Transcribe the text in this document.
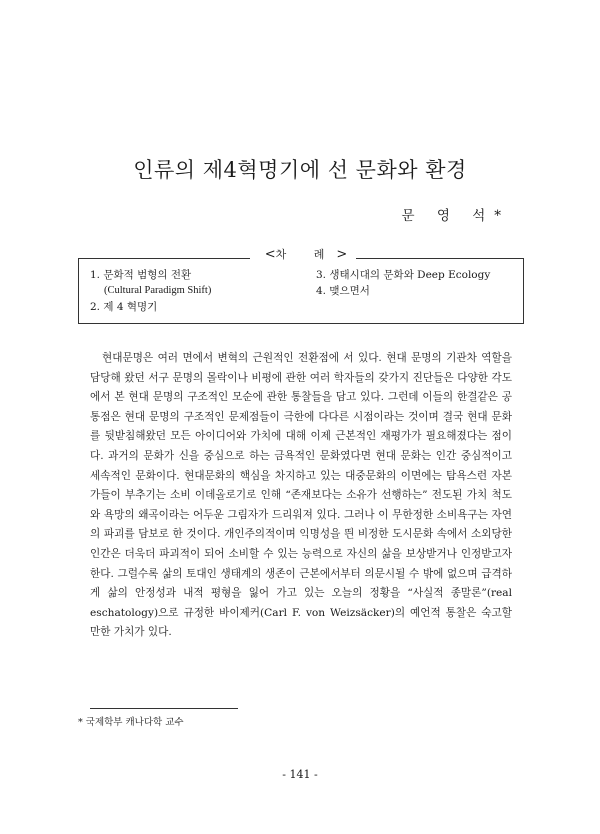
인류의 제4혁명기에 선 문화와 환경
문 영 석*
<차 례>
1. 문화적 범형의 전환
(Cultural Paradigm Shift)
2. 제 4 혁명기
3. 생태시대의 문화와 Deep Ecology
4. 맺으면서

현대문명은 여러 면에서 변혁의 근원적인 전환점에 서 있다. 현대 문명의 기관차 역할을 담당해 왔던 서구 문명의 몰락이나 비평에 관한 여러 학자들의 갖가지 진단들은 다양한 각도에서 본 현대 문명의 구조적인 모순에 관한 통찰들을 담고 있다. 그런데 이들의 한결같은 공통점은 현대 문명의 구조적인 문제점들이 극한에 다다른 시점이라는 것이며 결국 현대 문화를 뒷받침해왔던 모든 아이디어와 가치에 대해 이제 근본적인 재평가가 필요해졌다는 점이다. 과거의 문화가 신을 중심으로 하는 금욕적인 문화였다면 현대 문화는 인간 중심적이고 세속적인 문화이다. 현대문화의 핵심을 차지하고 있는 대중문화의 이면에는 탐욕스런 자본가들이 부추기는 소비 이데올로기로 인해 “존재보다는 소유가 선행하는” 전도된 가치 척도와 욕망의 왜곡이라는 어두운 그림자가 드리워져 있다. 그러나 이 무한정한 소비욕구는 자연의 파괴를 담보로 한 것이다. 개인주의적이며 익명성을 띈 비정한 도시문화 속에서 소외당한 인간은 더욱더 파괴적이 되어 소비할 수 있는 능력으로 자신의 삶을 보상받거나 인정받고자 한다. 그럴수록 삶의 토대인 생태계의 생존이 근본에서부터 의문시될 수 밖에 없으며 급격하게 삶의 안정성과 내적 평형을 잃어 가고 있는 오늘의 정황을 “사실적 종말론”(real eschatology)으로 규정한 바이제커(Carl F. von Weizsäcker)의 예언적 통찰은 숙고할 만한 가치가 있다.

* 국제학부 캐나다학 교수
- 141 -
